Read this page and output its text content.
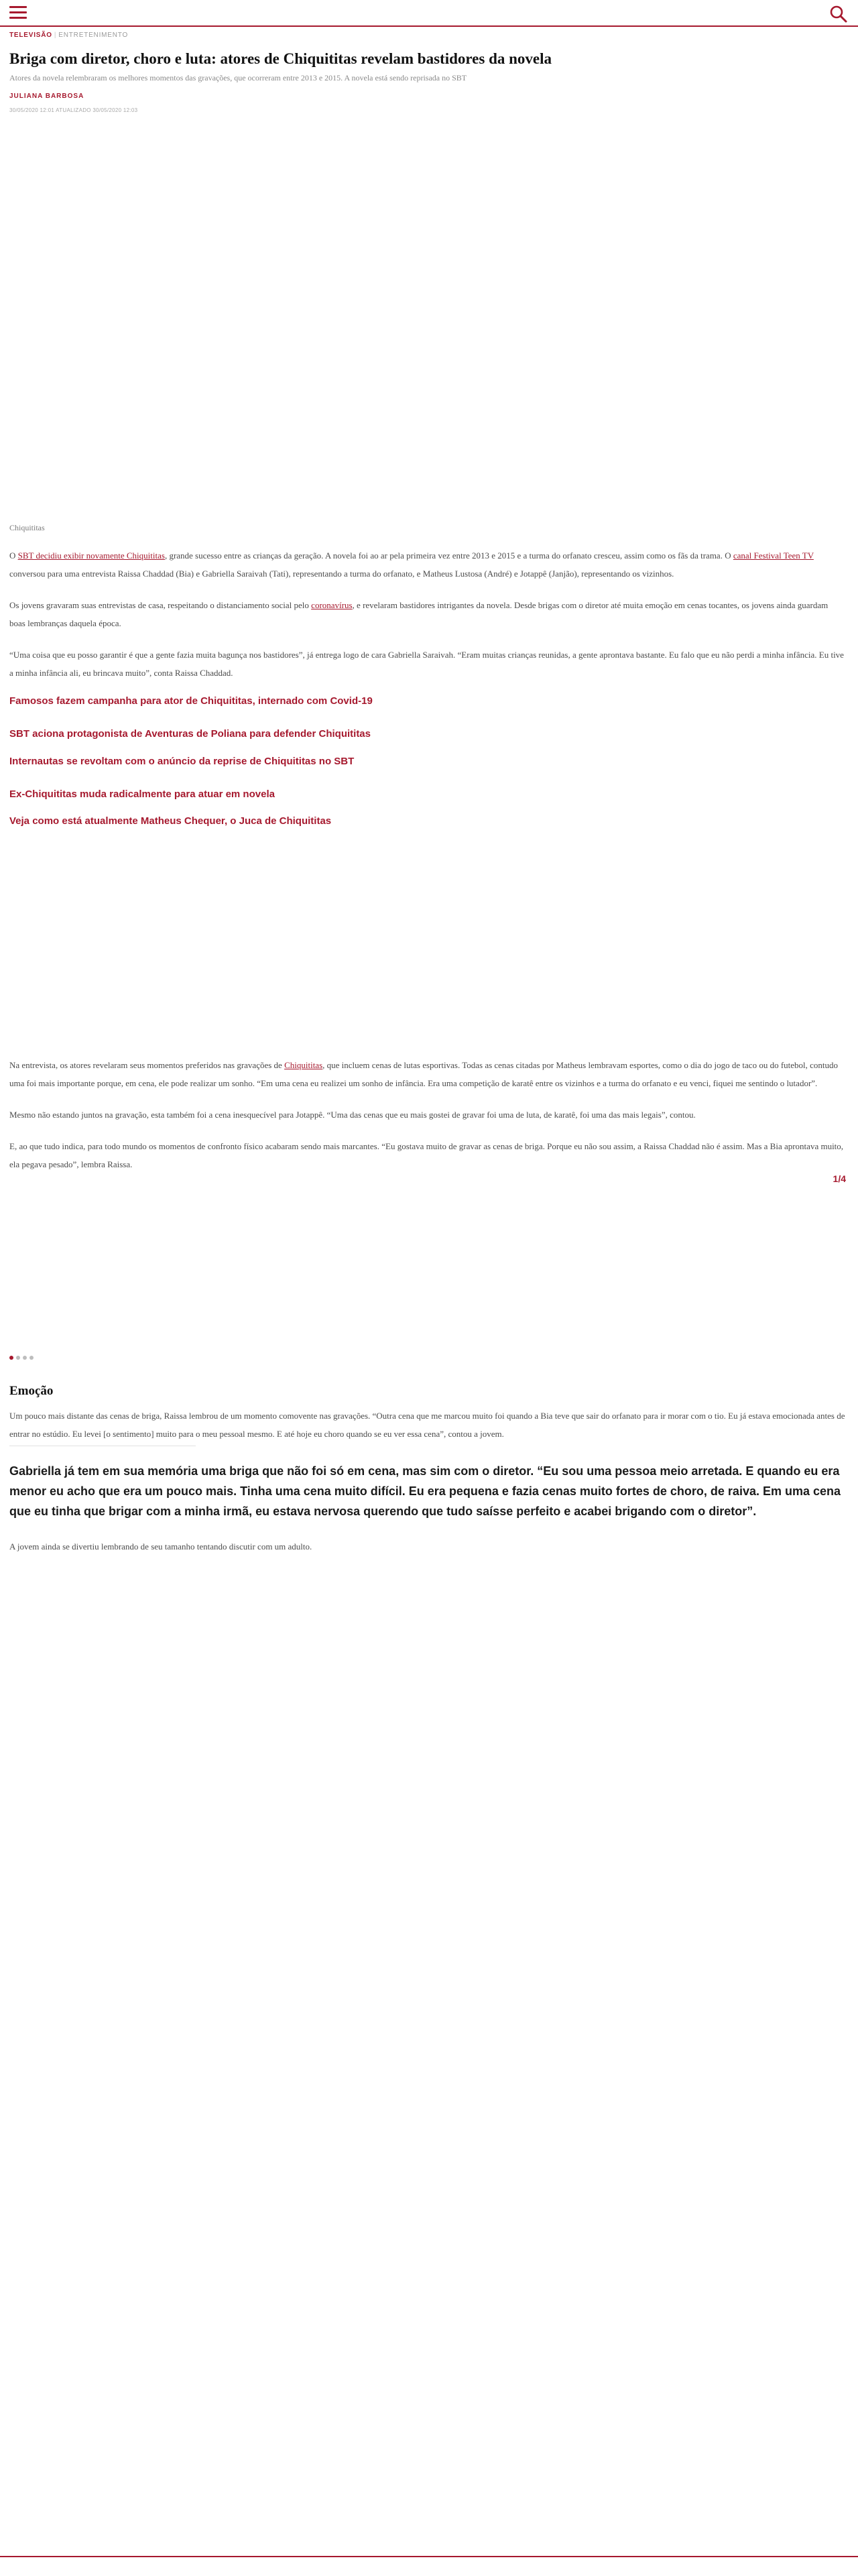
TELEVISÃO | ENTRETENIMENTO
Briga com diretor, choro e luta: atores de Chiquititas revelam bastidores da novela
Atores da novela relembraram os melhores momentos das gravações, que ocorreram entre 2013 e 2015. A novela está sendo reprisada no SBT
JULIANA BARBOSA
30/05/2020 12:01 ATUALIZADO 30/05/2020 12:03
Chiquititas

O SBT decidiu exibir novamente Chiquititas, grande sucesso entre as crianças da geração. A novela foi ao ar pela primeira vez entre 2013 e 2015 e a turma do orfanato cresceu, assim como os fãs da trama. O canal Festival Teen TV conversou para uma entrevista Raissa Chaddad (Bia) e Gabriella Saraivah (Tati), representando a turma do orfanato, e Matheus Lustosa (André) e Jotappê (Janjão), representando os vizinhos.

Os jovens gravaram suas entrevistas de casa, respeitando o distanciamento social pelo coronavírus, e revelaram bastidores intrigantes da novela. Desde brigas com o diretor até muita emoção em cenas tocantes, os jovens ainda guardam boas lembranças daquela época.

“Uma coisa que eu posso garantir é que a gente fazia muita bagunça nos bastidores”, já entrega logo de cara Gabriella Saraivah. “Eram muitas crianças reunidas, a gente aprontava bastante. Eu falo que eu não perdi a minha infância. Eu tive a minha infância ali, eu brincava muito”, conta Raissa Chaddad.

Famosos fazem campanha para ator de Chiquititas, internado com Covid-19
SBT aciona protagonista de Aventuras de Poliana para defender Chiquititas
Internautas se revoltam com o anúncio da reprise de Chiquititas no SBT
Ex-Chiquititas muda radicalmente para atuar em novela
Veja como está atualmente Matheus Chequer, o Juca de Chiquititas

Na entrevista, os atores revelaram seus momentos preferidos nas gravações de Chiquititas, que incluem cenas de lutas esportivas. Todas as cenas citadas por Matheus lembravam esportes, como o dia do jogo de taco ou do futebol, contudo uma foi mais importante porque, em cena, ele pode realizar um sonho. “Em uma cena eu realizei um sonho de infância. Era uma competição de karatê entre os vizinhos e a turma do orfanato e eu venci, fiquei me sentindo o lutador”.

Mesmo não estando juntos na gravação, esta também foi a cena inesquecível para Jotappê. “Uma das cenas que eu mais gostei de gravar foi uma de luta, de karatê, foi uma das mais legais”, contou.

E, ao que tudo indica, para todo mundo os momentos de confronto físico acabaram sendo mais marcantes. “Eu gostava muito de gravar as cenas de briga. Porque eu não sou assim, a Raissa Chaddad não é assim. Mas a Bia aprontava muito, ela pegava pesado”, lembra Raissa.

1/4
Emoção

Um pouco mais distante das cenas de briga, Raissa lembrou de um momento comovente nas gravações. “Outra cena que me marcou muito foi quando a Bia teve que sair do orfanato para ir morar com o tio. Eu já estava emocionada antes de entrar no estúdio. Eu levei [o sentimento] muito para o meu pessoal mesmo. E até hoje eu choro quando se eu ver essa cena”, contou a jovem.

Gabriella já tem em sua memória uma briga que não foi só em cena, mas sim com o diretor. “Eu sou uma pessoa meio arretada. E quando eu era menor eu acho que era um pouco mais. Tinha uma cena muito difícil. Eu era pequena e fazia cenas muito fortes de choro, de raiva. Em uma cena que eu tinha que brigar com a minha irmã, eu estava nervosa querendo que tudo saísse perfeito e acabei brigando com o diretor”.

A jovem ainda se divertiu lembrando de seu tamanho tentando discutir com um adulto.
